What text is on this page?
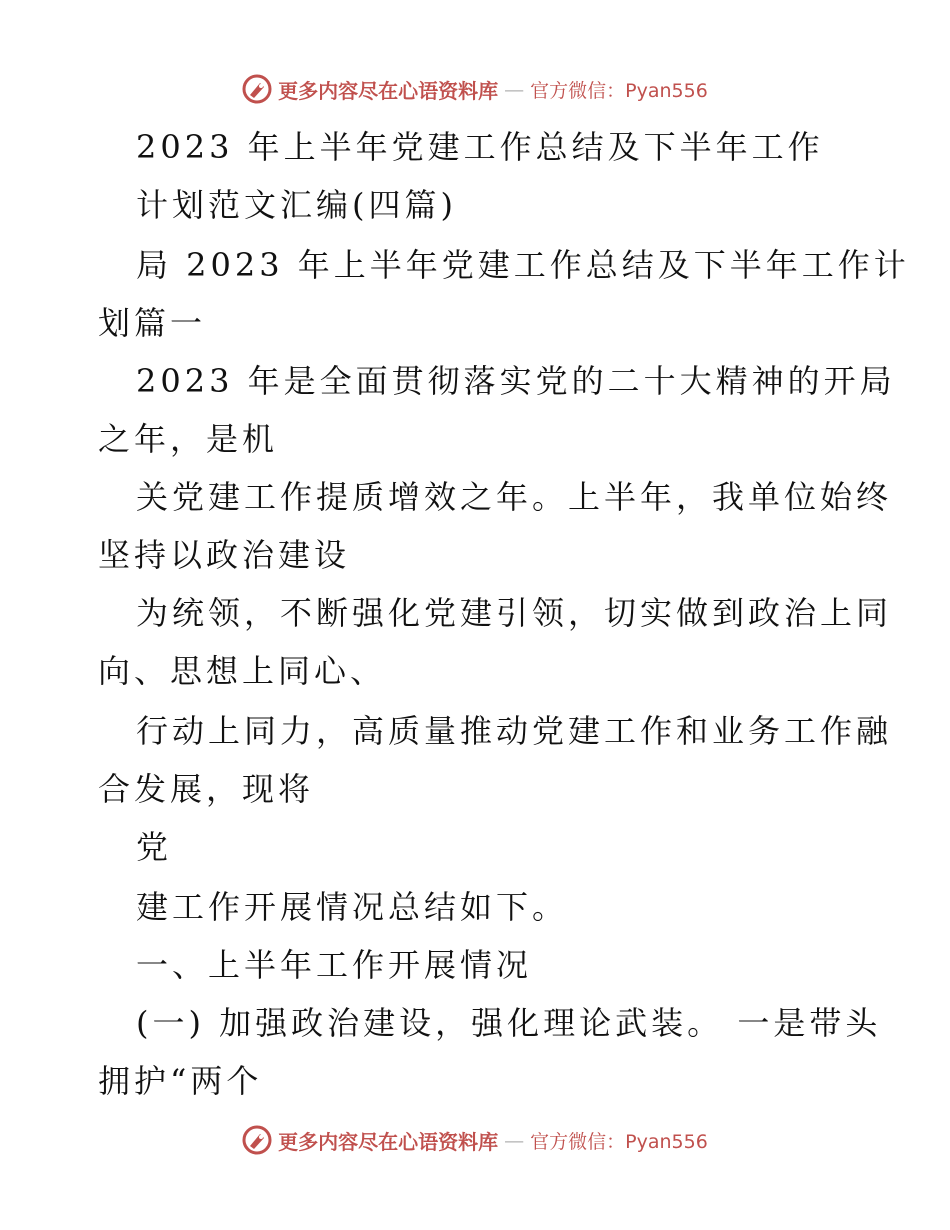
更多内容尽在心语资料库 — 官方微信：Pyan556
2023 年上半年党建工作总结及下半年工作
计划范文汇编(四篇)
局 2023 年上半年党建工作总结及下半年工作计
划篇一
2023 年是全面贯彻落实党的二十大精神的开局
之年，是机
关党建工作提质增效之年。上半年，我单位始终
坚持以政治建设
为统领，不断强化党建引领，切实做到政治上同
向、思想上同心、
行动上同力，高质量推动党建工作和业务工作融
合发展，现将
党
建工作开展情况总结如下。
一、上半年工作开展情况
(一) 加强政治建设，强化理论武装。 一是带头
拥护“两个
更多内容尽在心语资料库 — 官方微信：Pyan556
